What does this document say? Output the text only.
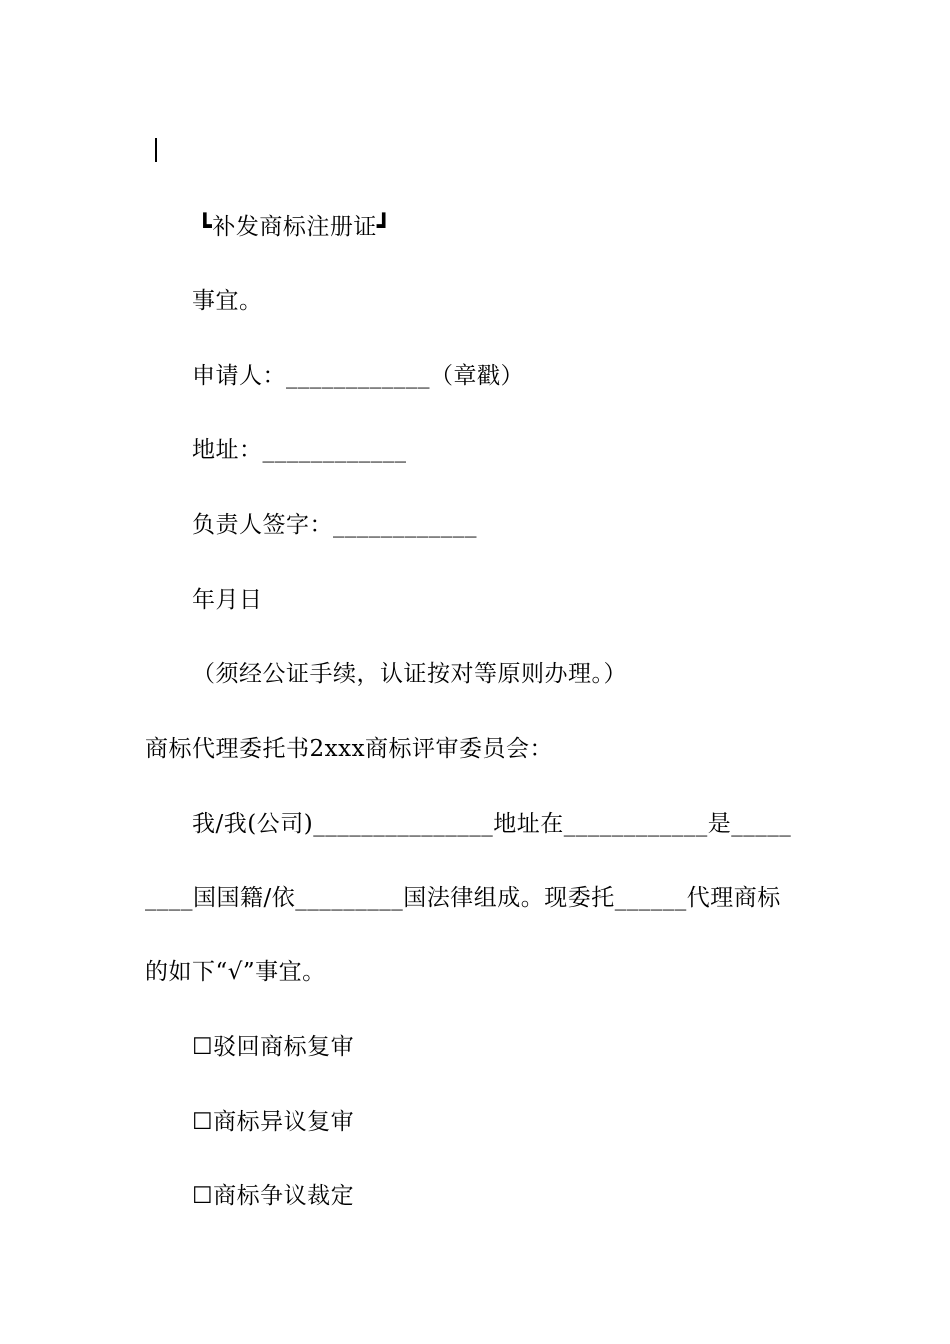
┗补发商标注册证┛
事宜。
申请人：____________（章戳）
地址：____________
负责人签字：____________
年月日
（须经公证手续，认证按对等原则办理。）
商标代理委托书2xxx商标评审委员会：
我/我(公司)_______________地址在____________是_____
____国国籍/依_________国法律组成。现委托______代理商标
的如下“√”事宜。
☐驳回商标复审
☐商标异议复审
☐商标争议裁定
